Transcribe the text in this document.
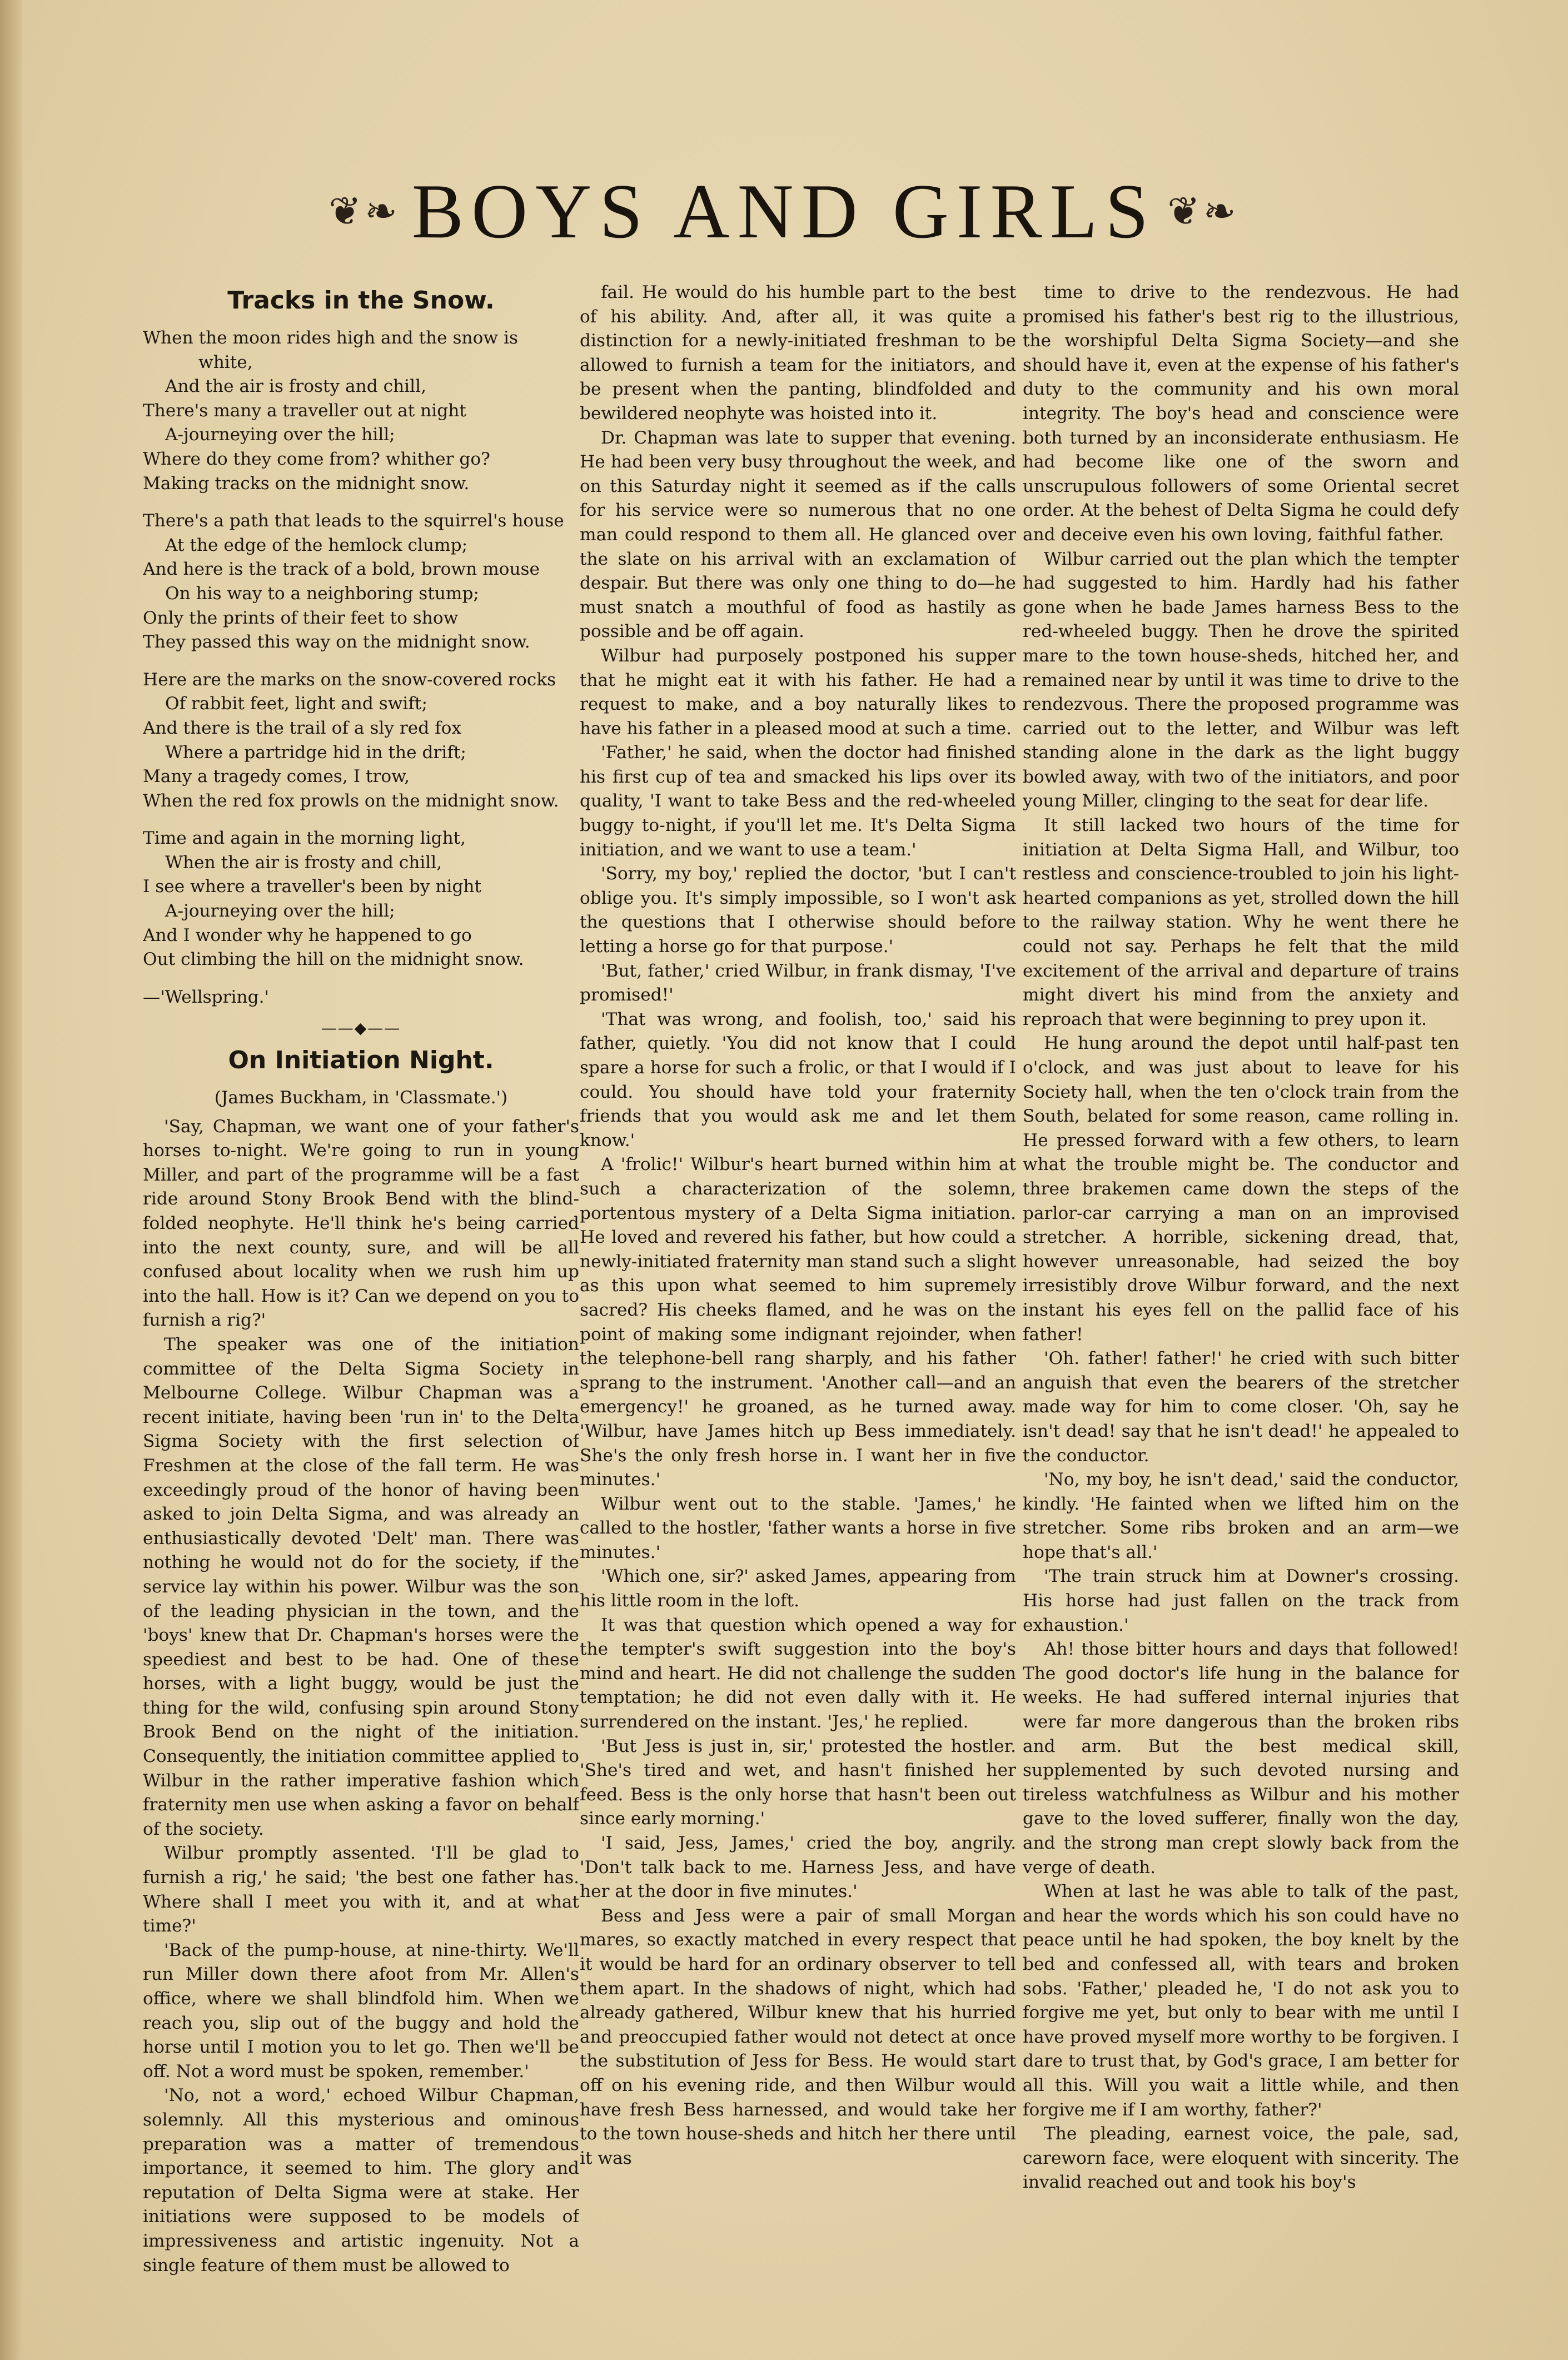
❦❧ BOYS AND GIRLS ❦❧
Tracks in the Snow.

When the moon rides high and the snow is

white,

And the air is frosty and chill,

There's many a traveller out at night

A-journeying over the hill;

Where do they come from? whither go?

Making tracks on the midnight snow.

There's a path that leads to the squirrel's house

At the edge of the hemlock clump;

And here is the track of a bold, brown mouse

On his way to a neighboring stump;

Only the prints of their feet to show

They passed this way on the midnight snow.

Here are the marks on the snow-covered rocks

Of rabbit feet, light and swift;

And there is the trail of a sly red fox

Where a partridge hid in the drift;

Many a tragedy comes, I trow,

When the red fox prowls on the midnight snow.

Time and again in the morning light,

When the air is frosty and chill,

I see where a traveller's been by night

A-journeying over the hill;

And I wonder why he happened to go

Out climbing the hill on the midnight snow.

—'Wellspring.'

——◆——
On Initiation Night.

(James Buckham, in 'Classmate.')

'Say, Chapman, we want one of your father's horses to-night. We're going to run in young Miller, and part of the programme will be a fast ride around Stony Brook Bend with the blind-folded neophyte. He'll think he's being carried into the next county, sure, and will be all confused about locality when we rush him up into the hall. How is it? Can we depend on you to furnish a rig?'

The speaker was one of the initiation committee of the Delta Sigma Society in Melbourne College. Wilbur Chapman was a recent initiate, having been 'run in' to the Delta Sigma Society with the first selection of Freshmen at the close of the fall term. He was exceedingly proud of the honor of having been asked to join Delta Sigma, and was already an enthusiastically devoted 'Delt' man. There was nothing he would not do for the society, if the service lay within his power. Wilbur was the son of the leading physician in the town, and the 'boys' knew that Dr. Chapman's horses were the speediest and best to be had. One of these horses, with a light buggy, would be just the thing for the wild, confusing spin around Stony Brook Bend on the night of the initiation. Consequently, the initiation committee applied to Wilbur in the rather imperative fashion which fraternity men use when asking a favor on behalf of the society.

Wilbur promptly assented. 'I'll be glad to furnish a rig,' he said; 'the best one father has. Where shall I meet you with it, and at what time?'

'Back of the pump-house, at nine-thirty. We'll run Miller down there afoot from Mr. Allen's office, where we shall blindfold him. When we reach you, slip out of the buggy and hold the horse until I motion you to let go. Then we'll be off. Not a word must be spoken, remember.'

'No, not a word,' echoed Wilbur Chapman, solemnly. All this mysterious and ominous preparation was a matter of tremendous importance, it seemed to him. The glory and reputation of Delta Sigma were at stake. Her initiations were supposed to be models of impressiveness and artistic ingenuity. Not a single feature of them must be allowed to

fail. He would do his humble part to the best of his ability. And, after all, it was quite a distinction for a newly-initiated freshman to be allowed to furnish a team for the initiators, and be present when the panting, blindfolded and bewildered neophyte was hoisted into it.

Dr. Chapman was late to supper that evening. He had been very busy throughout the week, and on this Saturday night it seemed as if the calls for his service were so numerous that no one man could respond to them all. He glanced over the slate on his arrival with an exclamation of despair. But there was only one thing to do—he must snatch a mouthful of food as hastily as possible and be off again.

Wilbur had purposely postponed his supper that he might eat it with his father. He had a request to make, and a boy naturally likes to have his father in a pleased mood at such a time.

'Father,' he said, when the doctor had finished his first cup of tea and smacked his lips over its quality, 'I want to take Bess and the red-wheeled buggy to-night, if you'll let me. It's Delta Sigma initiation, and we want to use a team.'

'Sorry, my boy,' replied the doctor, 'but I can't oblige you. It's simply impossible, so I won't ask the questions that I otherwise should before letting a horse go for that purpose.'

'But, father,' cried Wilbur, in frank dismay, 'I've promised!'

'That was wrong, and foolish, too,' said his father, quietly. 'You did not know that I could spare a horse for such a frolic, or that I would if I could. You should have told your fraternity friends that you would ask me and let them know.'

A 'frolic!' Wilbur's heart burned within him at such a characterization of the solemn, portentous mystery of a Delta Sigma initiation. He loved and revered his father, but how could a newly-initiated fraternity man stand such a slight as this upon what seemed to him supremely sacred? His cheeks flamed, and he was on the point of making some indignant rejoinder, when the telephone-bell rang sharply, and his father sprang to the instrument. 'Another call—and an emergency!' he groaned, as he turned away. 'Wilbur, have James hitch up Bess immediately. She's the only fresh horse in. I want her in five minutes.'

Wilbur went out to the stable. 'James,' he called to the hostler, 'father wants a horse in five minutes.'

'Which one, sir?' asked James, appearing from his little room in the loft.

It was that question which opened a way for the tempter's swift suggestion into the boy's mind and heart. He did not challenge the sudden temptation; he did not even dally with it. He surrendered on the instant. 'Jes,' he replied.

'But Jess is just in, sir,' protested the hostler. 'She's tired and wet, and hasn't finished her feed. Bess is the only horse that hasn't been out since early morning.'

'I said, Jess, James,' cried the boy, angrily. 'Don't talk back to me. Harness Jess, and have her at the door in five minutes.'

Bess and Jess were a pair of small Morgan mares, so exactly matched in every respect that it would be hard for an ordinary observer to tell them apart. In the shadows of night, which had already gathered, Wilbur knew that his hurried and preoccupied father would not detect at once the substitution of Jess for Bess. He would start off on his evening ride, and then Wilbur would have fresh Bess harnessed, and would take her to the town house-sheds and hitch her there until it was

time to drive to the rendezvous. He had promised his father's best rig to the illustrious, the worshipful Delta Sigma Society—and she should have it, even at the expense of his father's duty to the community and his own moral integrity. The boy's head and conscience were both turned by an inconsiderate enthusiasm. He had become like one of the sworn and unscrupulous followers of some Oriental secret order. At the behest of Delta Sigma he could defy and deceive even his own loving, faithful father.

Wilbur carried out the plan which the tempter had suggested to him. Hardly had his father gone when he bade James harness Bess to the red-wheeled buggy. Then he drove the spirited mare to the town house-sheds, hitched her, and remained near by until it was time to drive to the rendezvous. There the proposed programme was carried out to the letter, and Wilbur was left standing alone in the dark as the light buggy bowled away, with two of the initiators, and poor young Miller, clinging to the seat for dear life.

It still lacked two hours of the time for initiation at Delta Sigma Hall, and Wilbur, too restless and conscience-troubled to join his light-hearted companions as yet, strolled down the hill to the railway station. Why he went there he could not say. Perhaps he felt that the mild excitement of the arrival and departure of trains might divert his mind from the anxiety and reproach that were beginning to prey upon it.

He hung around the depot until half-past ten o'clock, and was just about to leave for his Society hall, when the ten o'clock train from the South, belated for some reason, came rolling in. He pressed forward with a few others, to learn what the trouble might be. The conductor and three brakemen came down the steps of the parlor-car carrying a man on an improvised stretcher. A horrible, sickening dread, that, however unreasonable, had seized the boy irresistibly drove Wilbur forward, and the next instant his eyes fell on the pallid face of his father!

'Oh. father! father!' he cried with such bitter anguish that even the bearers of the stretcher made way for him to come closer. 'Oh, say he isn't dead! say that he isn't dead!' he appealed to the conductor.

'No, my boy, he isn't dead,' said the conductor, kindly. 'He fainted when we lifted him on the stretcher. Some ribs broken and an arm—we hope that's all.'

'The train struck him at Downer's crossing. His horse had just fallen on the track from exhaustion.'

Ah! those bitter hours and days that followed! The good doctor's life hung in the balance for weeks. He had suffered internal injuries that were far more dangerous than the broken ribs and arm. But the best medical skill, supplemented by such devoted nursing and tireless watchfulness as Wilbur and his mother gave to the loved sufferer, finally won the day, and the strong man crept slowly back from the verge of death.

When at last he was able to talk of the past, and hear the words which his son could have no peace until he had spoken, the boy knelt by the bed and confessed all, with tears and broken sobs. 'Father,' pleaded he, 'I do not ask you to forgive me yet, but only to bear with me until I have proved myself more worthy to be forgiven. I dare to trust that, by God's grace, I am better for all this. Will you wait a little while, and then forgive me if I am worthy, father?'

The pleading, earnest voice, the pale, sad, careworn face, were eloquent with sincerity. The invalid reached out and took his boy's
